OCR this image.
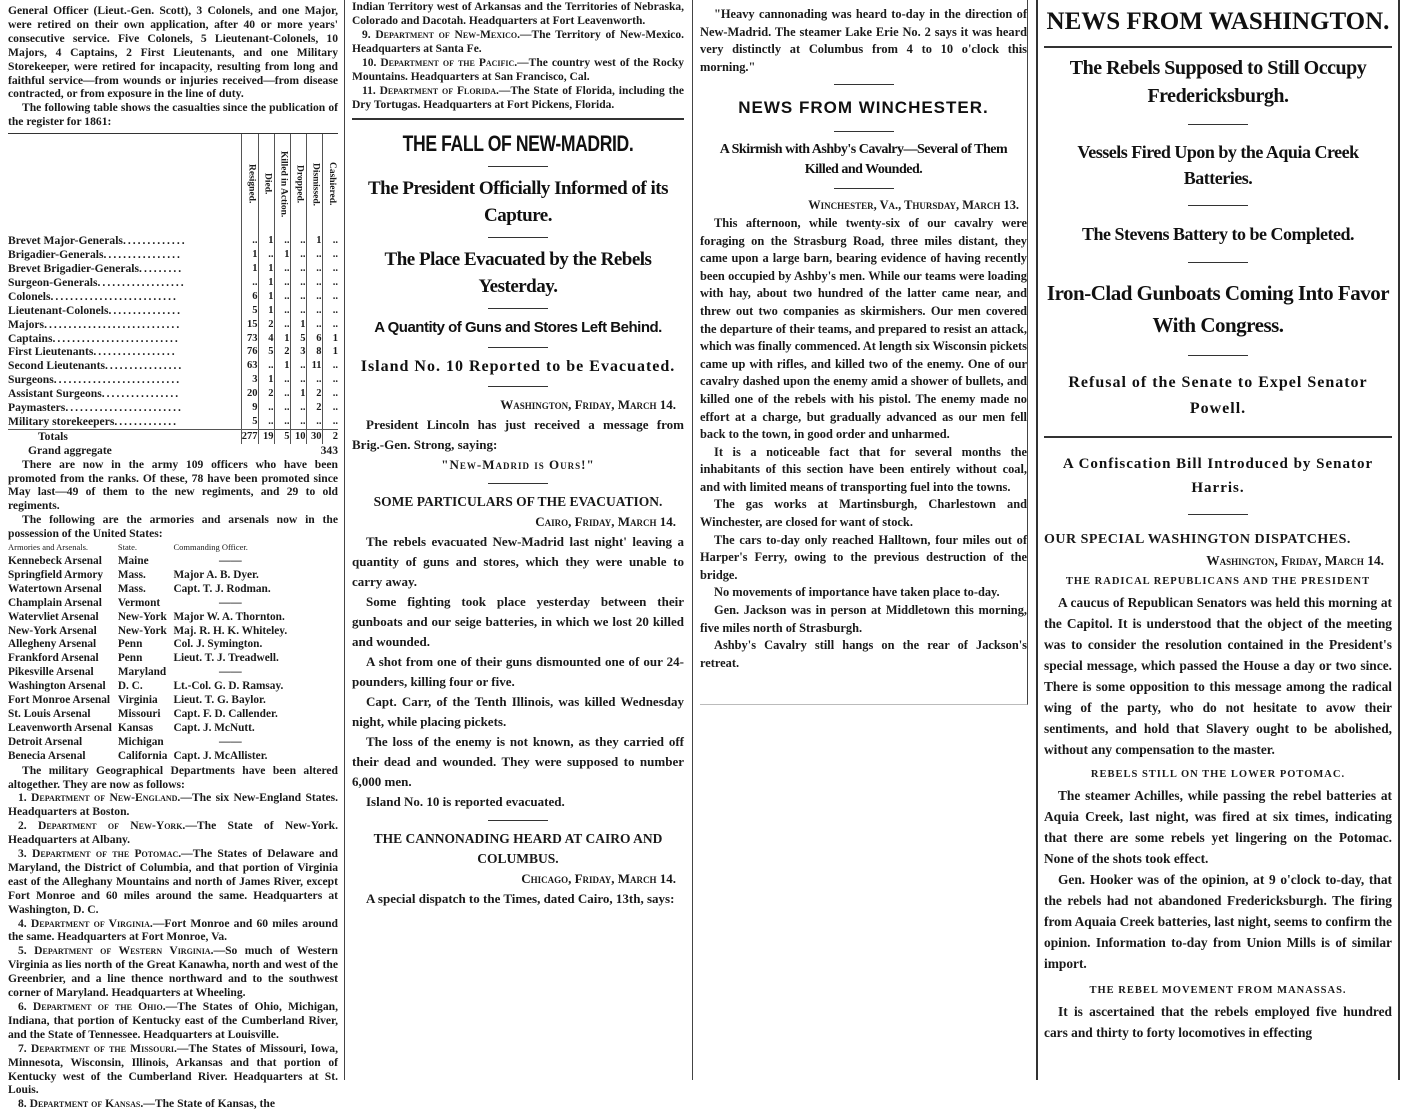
General Officer (Lieut.-Gen. Scott), 3 Colonels, and one Major, were retired on their own application, after 40 or more years' consecutive service. Five Colonels, 5 Lieutenant-Colonels, 10 Majors, 4 Captains, 2 First Lieutenants, and one Military Storekeeper, were retired for incapacity, resulting from long and faithful service—from wounds or injuries received—from disease contracted, or from exposure in the line of duty.

The following table shows the casualties since the publication of the register for 1861:

	Resigned.	Died.	Killed in Action.	Dropped.	Dismissed.	Cashiered.
Brevet Major-Generals.............	..	1	..	..	1	..
Brigadier-Generals................	1	..	1	..	..	..
Brevet Brigadier-Generals.........	1	1	..	..	..	..
Surgeon-Generals..................	..	1	..	..	..	..
Colonels..........................	6	1	..	..	..	..
Lieutenant-Colonels...............	5	1	..	..	..	..
Majors............................	15	2	..	1	..	..
Captains..........................	73	4	1	5	6	1
First Lieutenants.................	76	5	2	3	8	1
Second Lieutenants................	63	..	1	..	11	..
Surgeons..........................	3	1	..	..	..	..
Assistant Surgeons................	20	2	..	1	2	..
Paymasters........................	9	..	..	..	2	..
Military storekeepers.............	5	..	..	..	..	..
Totals	277	19	5	10	30	2
Grand aggregate	343					

There are now in the army 109 officers who have been promoted from the ranks. Of these, 78 have been promoted since May last—49 of them to the new regiments, and 29 to old regiments.

The following are the armories and arsenals now in the possession of the United States:

Armories and Arsenals.	State.	Commanding Officer.
Kennebeck Arsenal	Maine	——
Springfield Armory	Mass.	Major A. B. Dyer.
Watertown Arsenal	Mass.	Capt. T. J. Rodman.
Champlain Arsenal	Vermont	——
Watervliet Arsenal	New-York	Major W. A. Thornton.
New-York Arsenal	New-York	Maj. R. H. K. Whiteley.
Allegheny Arsenal	Penn	Col. J. Symington.
Frankford Arsenal	Penn	Lieut. T. J. Treadwell.
Pikesville Arsenal	Maryland	——
Washington Arsenal	D. C.	Lt.-Col. G. D. Ramsay.
Fort Monroe Arsenal	Virginia	Lieut. T. G. Baylor.
St. Louis Arsenal	Missouri	Capt. F. D. Callender.
Leavenworth Arsenal	Kansas	Capt. J. McNutt.
Detroit Arsenal	Michigan	——
Benecia Arsenal	California	Capt. J. McAllister.

The military Geographical Departments have been altered altogether. They are now as follows:

1. Department of New-England.—The six New-England States. Headquarters at Boston.

2. Department of New-York.—The State of New-York. Headquarters at Albany.

3. Department of the Potomac.—The States of Delaware and Maryland, the District of Columbia, and that portion of Virginia east of the Alleghany Mountains and north of James River, except Fort Monroe and 60 miles around the same. Headquarters at Washington, D. C.

4. Department of Virginia.—Fort Monroe and 60 miles around the same. Headquarters at Fort Monroe, Va.

5. Department of Western Virginia.—So much of Western Virginia as lies north of the Great Kanawha, north and west of the Greenbrier, and a line thence northward and to the southwest corner of Maryland. Headquarters at Wheeling.

6. Department of the Ohio.—The States of Ohio, Michigan, Indiana, that portion of Kentucky east of the Cumberland River, and the State of Tennessee. Headquarters at Louisville.

7. Department of the Missouri.—The States of Missouri, Iowa, Minnesota, Wisconsin, Illinois, Arkansas and that portion of Kentucky west of the Cumberland River. Headquarters at St. Louis.

8. Department of Kansas.—The State of Kansas, the

Indian Territory west of Arkansas and the Territories of Nebraska, Colorado and Dacotah. Headquarters at Fort Leavenworth.

9. Department of New-Mexico.—The Territory of New-Mexico. Headquarters at Santa Fe.

10. Department of the Pacific.—The country west of the Rocky Mountains. Headquarters at San Francisco, Cal.

11. Department of Florida.—The State of Florida, including the Dry Tortugas. Headquarters at Fort Pickens, Florida.

THE FALL OF NEW-MADRID.
The President Officially Informed of its Capture.
The Place Evacuated by the Rebels Yesterday.
A Quantity of Guns and Stores Left Behind.
Island No. 10 Reported to be Evacuated.
Washington, Friday, March 14.

President Lincoln has just received a message from Brig.-Gen. Strong, saying:

"New-Madrid is Ours!"
SOME PARTICULARS OF THE EVACUATION.
Cairo, Friday, March 14.

The rebels evacuated New-Madrid last night' leaving a quantity of guns and stores, which they were unable to carry away.

Some fighting took place yesterday between their gunboats and our seige batteries, in which we lost 20 killed and wounded.

A shot from one of their guns dismounted one of our 24-pounders, killing four or five.

Capt. Carr, of the Tenth Illinois, was killed Wednesday night, while placing pickets.

The loss of the enemy is not known, as they carried off their dead and wounded. They were supposed to number 6,000 men.

Island No. 10 is reported evacuated.

THE CANNONADING HEARD AT CAIRO AND COLUMBUS.
Chicago, Friday, March 14.

A special dispatch to the Times, dated Cairo, 13th, says:

"Heavy cannonading was heard to-day in the direction of New-Madrid. The steamer Lake Erie No. 2 says it was heard very distinctly at Columbus from 4 to 10 o'clock this morning."

NEWS FROM WINCHESTER.
A Skirmish with Ashby's Cavalry—Several of Them Killed and Wounded.
Winchester, Va., Thursday, March 13.

This afternoon, while twenty-six of our cavalry were foraging on the Strasburg Road, three miles distant, they came upon a large barn, bearing evidence of having recently been occupied by Ashby's men. While our teams were loading with hay, about two hundred of the latter came near, and threw out two companies as skirmishers. Our men covered the departure of their teams, and prepared to resist an attack, which was finally commenced. At length six Wisconsin pickets came up with rifles, and killed two of the enemy. One of our cavalry dashed upon the enemy amid a shower of bullets, and killed one of the rebels with his pistol. The enemy made no effort at a charge, but gradually advanced as our men fell back to the town, in good order and unharmed.

It is a noticeable fact that for several months the inhabitants of this section have been entirely without coal, and with limited means of transporting fuel into the towns.

The gas works at Martinsburgh, Charlestown and Winchester, are closed for want of stock.

The cars to-day only reached Halltown, four miles out of Harper's Ferry, owing to the previous destruction of the bridge.

No movements of importance have taken place to-day.

Gen. Jackson was in person at Middletown this morning, five miles north of Strasburgh.

Ashby's Cavalry still hangs on the rear of Jackson's retreat.

NEWS FROM WASHINGTON.
The Rebels Supposed to Still Occupy Fredericksburgh.
Vessels Fired Upon by the Aquia Creek Batteries.
The Stevens Battery to be Completed.
Iron-Clad Gunboats Coming Into Favor With Congress.
Refusal of the Senate to Expel Senator Powell.
A Confiscation Bill Introduced by Senator Harris.
OUR SPECIAL WASHINGTON DISPATCHES.
Washington, Friday, March 14.
THE RADICAL REPUBLICANS AND THE PRESIDENT

A caucus of Republican Senators was held this morning at the Capitol. It is understood that the object of the meeting was to consider the resolution contained in the President's special message, which passed the House a day or two since. There is some opposition to this message among the radical wing of the party, who do not hesitate to avow their sentiments, and hold that Slavery ought to be abolished, without any compensation to the master.

REBELS STILL ON THE LOWER POTOMAC.

The steamer Achilles, while passing the rebel batteries at Aquia Creek, last night, was fired at six times, indicating that there are some rebels yet lingering on the Potomac. None of the shots took effect.

Gen. Hooker was of the opinion, at 9 o'clock to-day, that the rebels had not abandoned Fredericksburgh. The firing from Aquaia Creek batteries, last night, seems to confirm the opinion. Information to-day from Union Mills is of similar import.

THE REBEL MOVEMENT FROM MANASSAS.

It is ascertained that the rebels employed five hundred cars and thirty to forty locomotives in effecting
